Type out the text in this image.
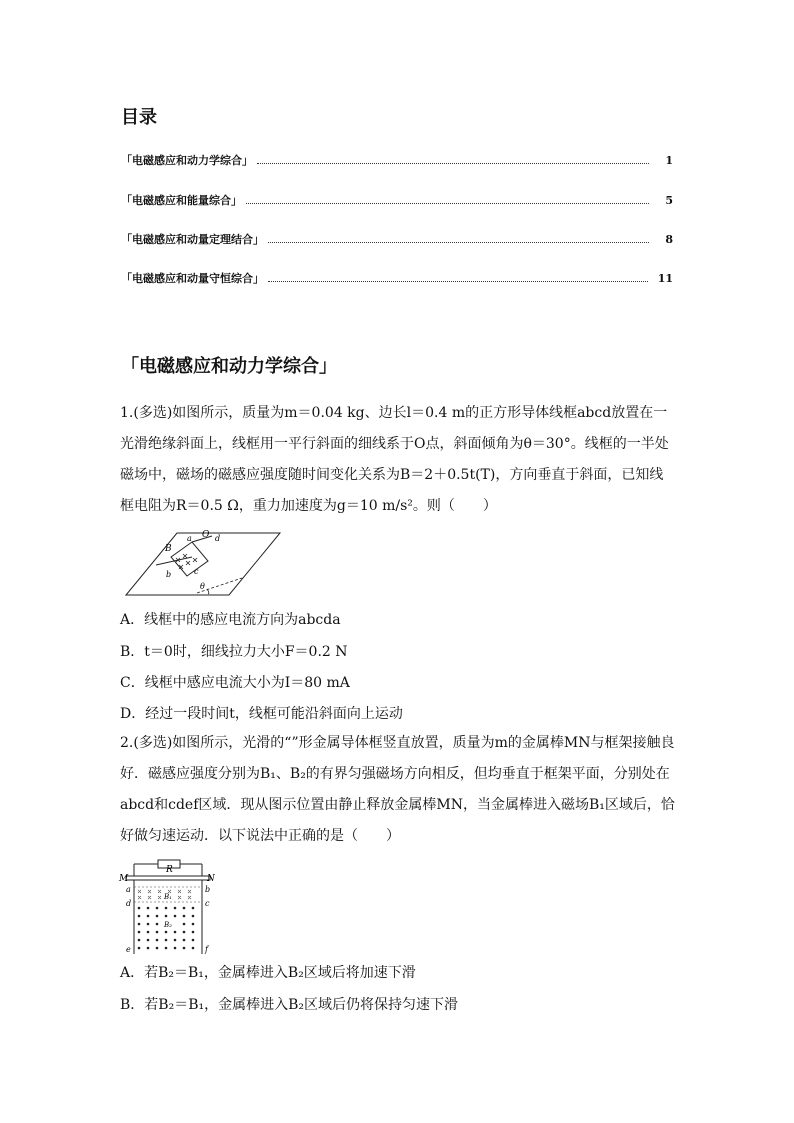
目录
「电磁感应和动力学综合」	1
「电磁感应和能量综合」	5
「电磁感应和动量定理结合」	8
「电磁感应和动量守恒综合」	11
「电磁感应和动力学综合」
1.(多选)如图所示，质量为m＝0.04 kg、边长l＝0.4 m的正方形导体线框abcd放置在一光滑绝缘斜面上，线框用一平行斜面的细线系于O点，斜面倾角为θ＝30°。线框的一半处磁场中，磁场的磁感应强度随时间变化关系为B＝2＋0.5t(T)，方向垂直于斜面，已知线框电阻为R＝0.5 Ω，重力加速度为g＝10 m/s²。则（　　）
B
O
a
b	c
d
θ
A．线框中的感应电流方向为abcda
B．t＝0时，细线拉力大小F＝0.2 N
C．线框中感应电流大小为I＝80 mA
D．经过一段时间t，线框可能沿斜面向上运动
2.(多选)如图所示，光滑的“”形金属导体框竖直放置，质量为m的金属棒MN与框架接触良好．磁感应强度分别为B₁、B₂的有界匀强磁场方向相反，但均垂直于框架平面，分别处在abcd和cdef区域．现从图示位置由静止释放金属棒MN，当金属棒进入磁场B₁区域后，恰好做匀速运动．以下说法中正确的是（　　）
R
M	N
a	b
d	c
e	f
B₁
B₂
A．若B₂＝B₁，金属棒进入B₂区域后将加速下滑
B．若B₂＝B₁，金属棒进入B₂区域后仍将保持匀速下滑
